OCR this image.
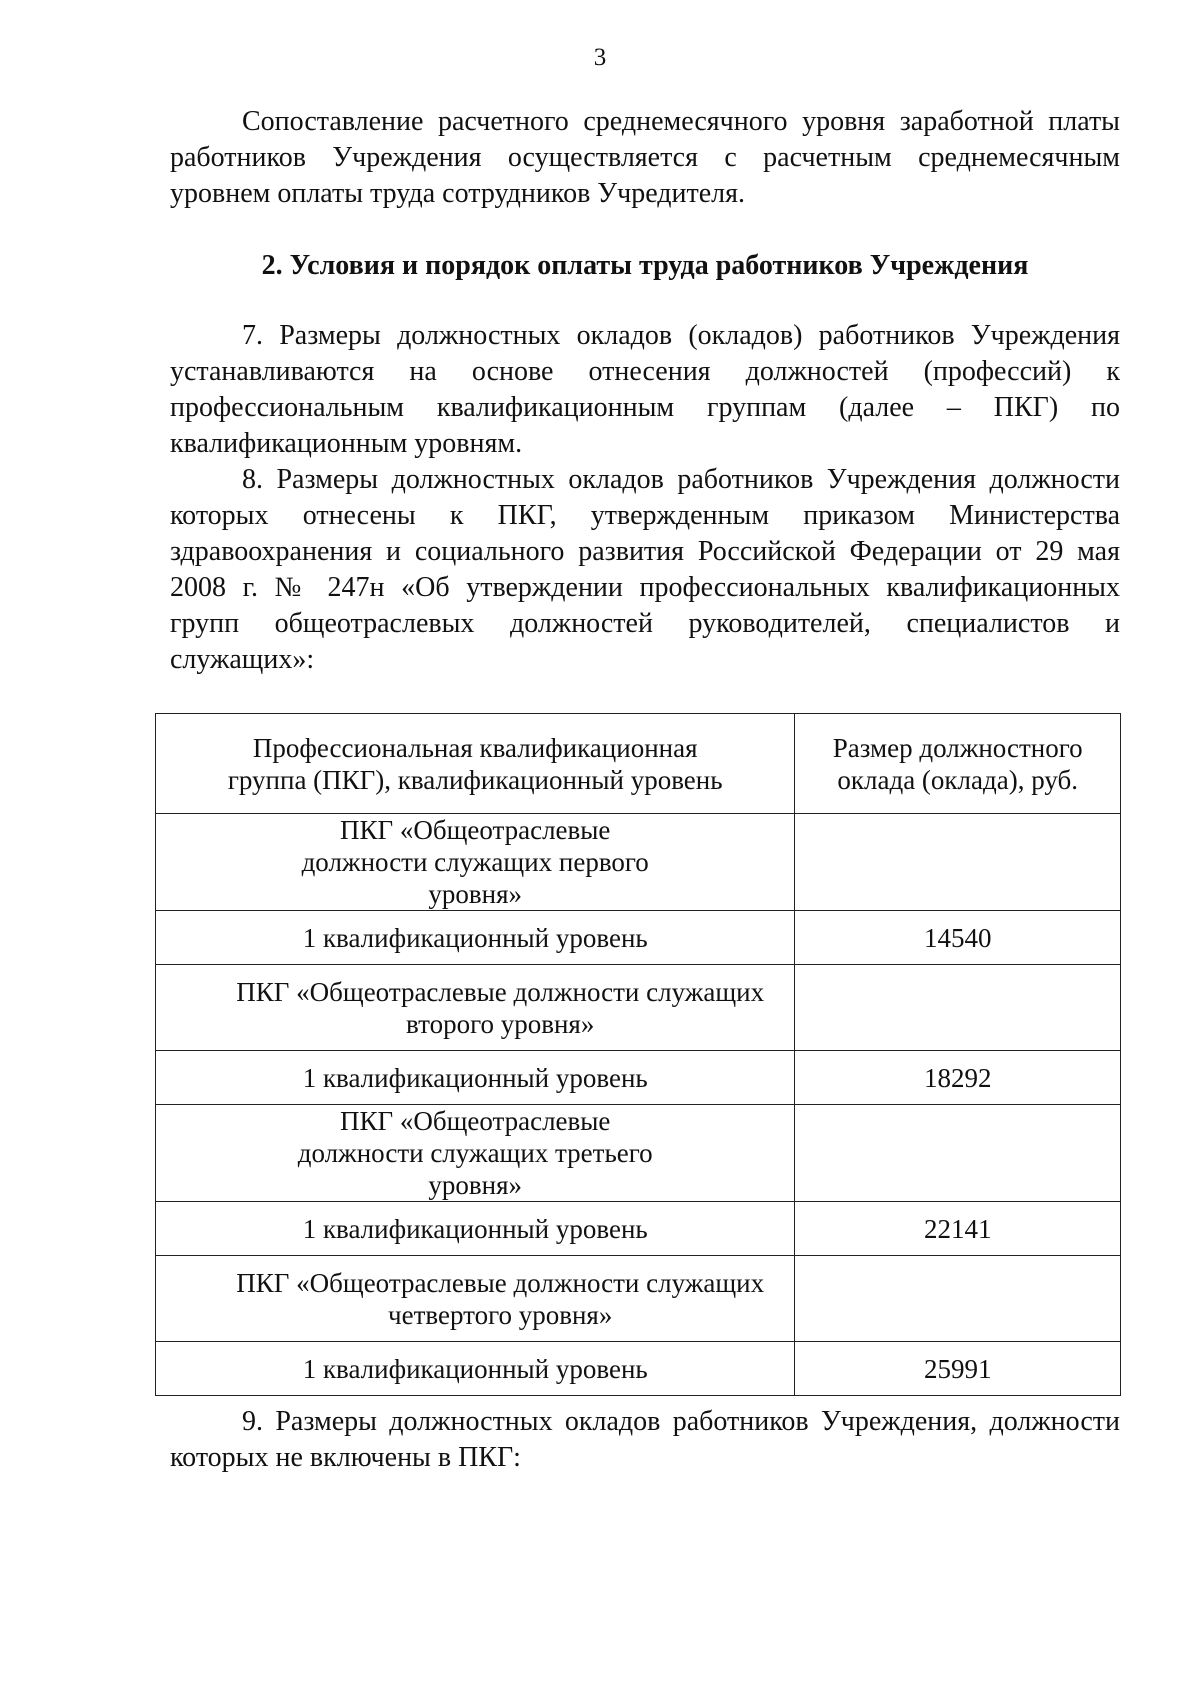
3
Сопоставление расчетного среднемесячного уровня заработной платы
работников Учреждения осуществляется с расчетным среднемесячным
уровнем оплаты труда сотрудников Учредителя.
2. Условия и порядок оплаты труда работников Учреждения
7. Размеры должностных окладов (окладов) работников Учреждения
устанавливаются на основе отнесения должностей (профессий) к
профессиональным квалификационным группам (далее – ПКГ) по
квалификационным уровням.
8. Размеры должностных окладов работников Учреждения должности
которых отнесены к ПКГ, утвержденным приказом Министерства
здравоохранения и социального развития Российской Федерации от 29 мая
2008 г. № 247н «Об утверждении профессиональных квалификационных
групп общеотраслевых должностей руководителей, специалистов и
служащих»:
Профессиональная квалификационная группа (ПКГ), квалификационный уровень	Размер должностного оклада (оклада), руб.
ПКГ «Общеотраслевые должности служащих первого уровня»	
1 квалификационный уровень	14540
ПКГ «Общеотраслевые должности служащих второго уровня»	
1 квалификационный уровень	18292
ПКГ «Общеотраслевые должности служащих третьего уровня»	
1 квалификационный уровень	22141
ПКГ «Общеотраслевые должности служащих четвертого уровня»	
1 квалификационный уровень	25991
9. Размеры должностных окладов работников Учреждения, должности
которых не включены в ПКГ:
